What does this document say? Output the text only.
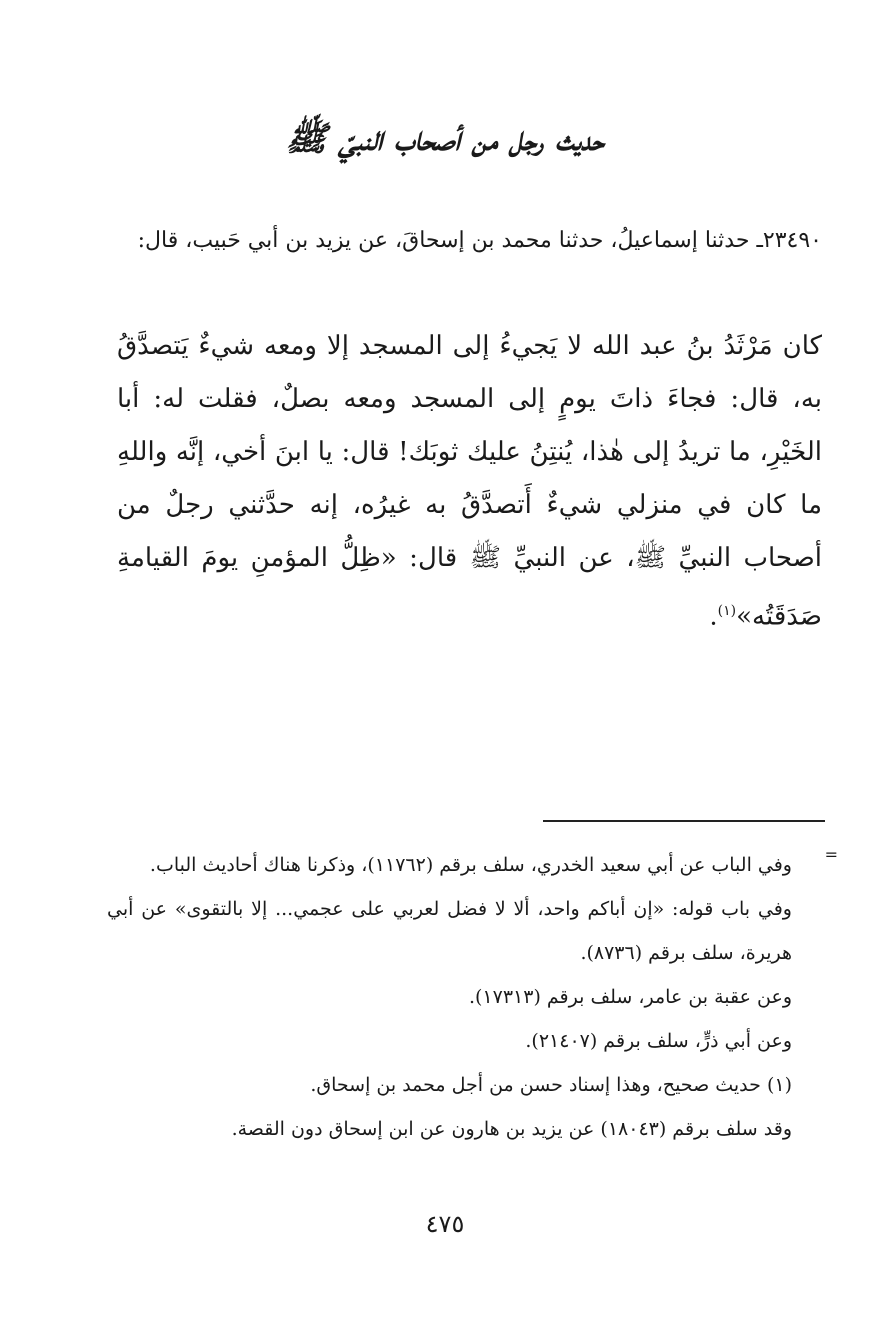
حديث رجل من أصحاب النبيّ ﷺ

٢٣٤٩٠ـ حدثنا إسماعيلُ، حدثنا محمد بن إسحاقَ، عن يزيد بن أبي حَبيب، قال:

كان مَرْثَدُ بنُ عبد الله لا يَجيءُ إلى المسجد إلا ومعه شيءٌ يَتصدَّقُ به، قال: فجاءَ ذاتَ يومٍ إلى المسجد ومعه بصلٌ، فقلت له: أبا الخَيْرِ، ما تريدُ إلى هٰذا، يُنتِنُ عليك ثوبَك! قال: يا ابنَ أخي، إنَّه واللهِ ما كان في منزلي شيءٌ أَتصدَّقُ به غيرُه، إنه حدَّثني رجلٌ من أصحاب النبيِّ ﷺ، عن النبيِّ ﷺ قال: «ظِلُّ المؤمنِ يومَ القيامةِ صَدَقَتُه»$^{(١)}$.

=

وفي الباب عن أبي سعيد الخدري، سلف برقم (١١٧٦٢)، وذكرنا هناك أحاديث الباب.

وفي باب قوله: «إن أباكم واحد، ألا لا فضل لعربي على عجمي... إلا بالتقوى» عن أبي هريرة، سلف برقم (٨٧٣٦).

وعن عقبة بن عامر، سلف برقم (١٧٣١٣).

وعن أبي ذرٍّ، سلف برقم (٢١٤٠٧).

(١) حديث صحيح، وهذا إسناد حسن من أجل محمد بن إسحاق.

وقد سلف برقم (١٨٠٤٣) عن يزيد بن هارون عن ابن إسحاق دون القصة.

٤٧٥
